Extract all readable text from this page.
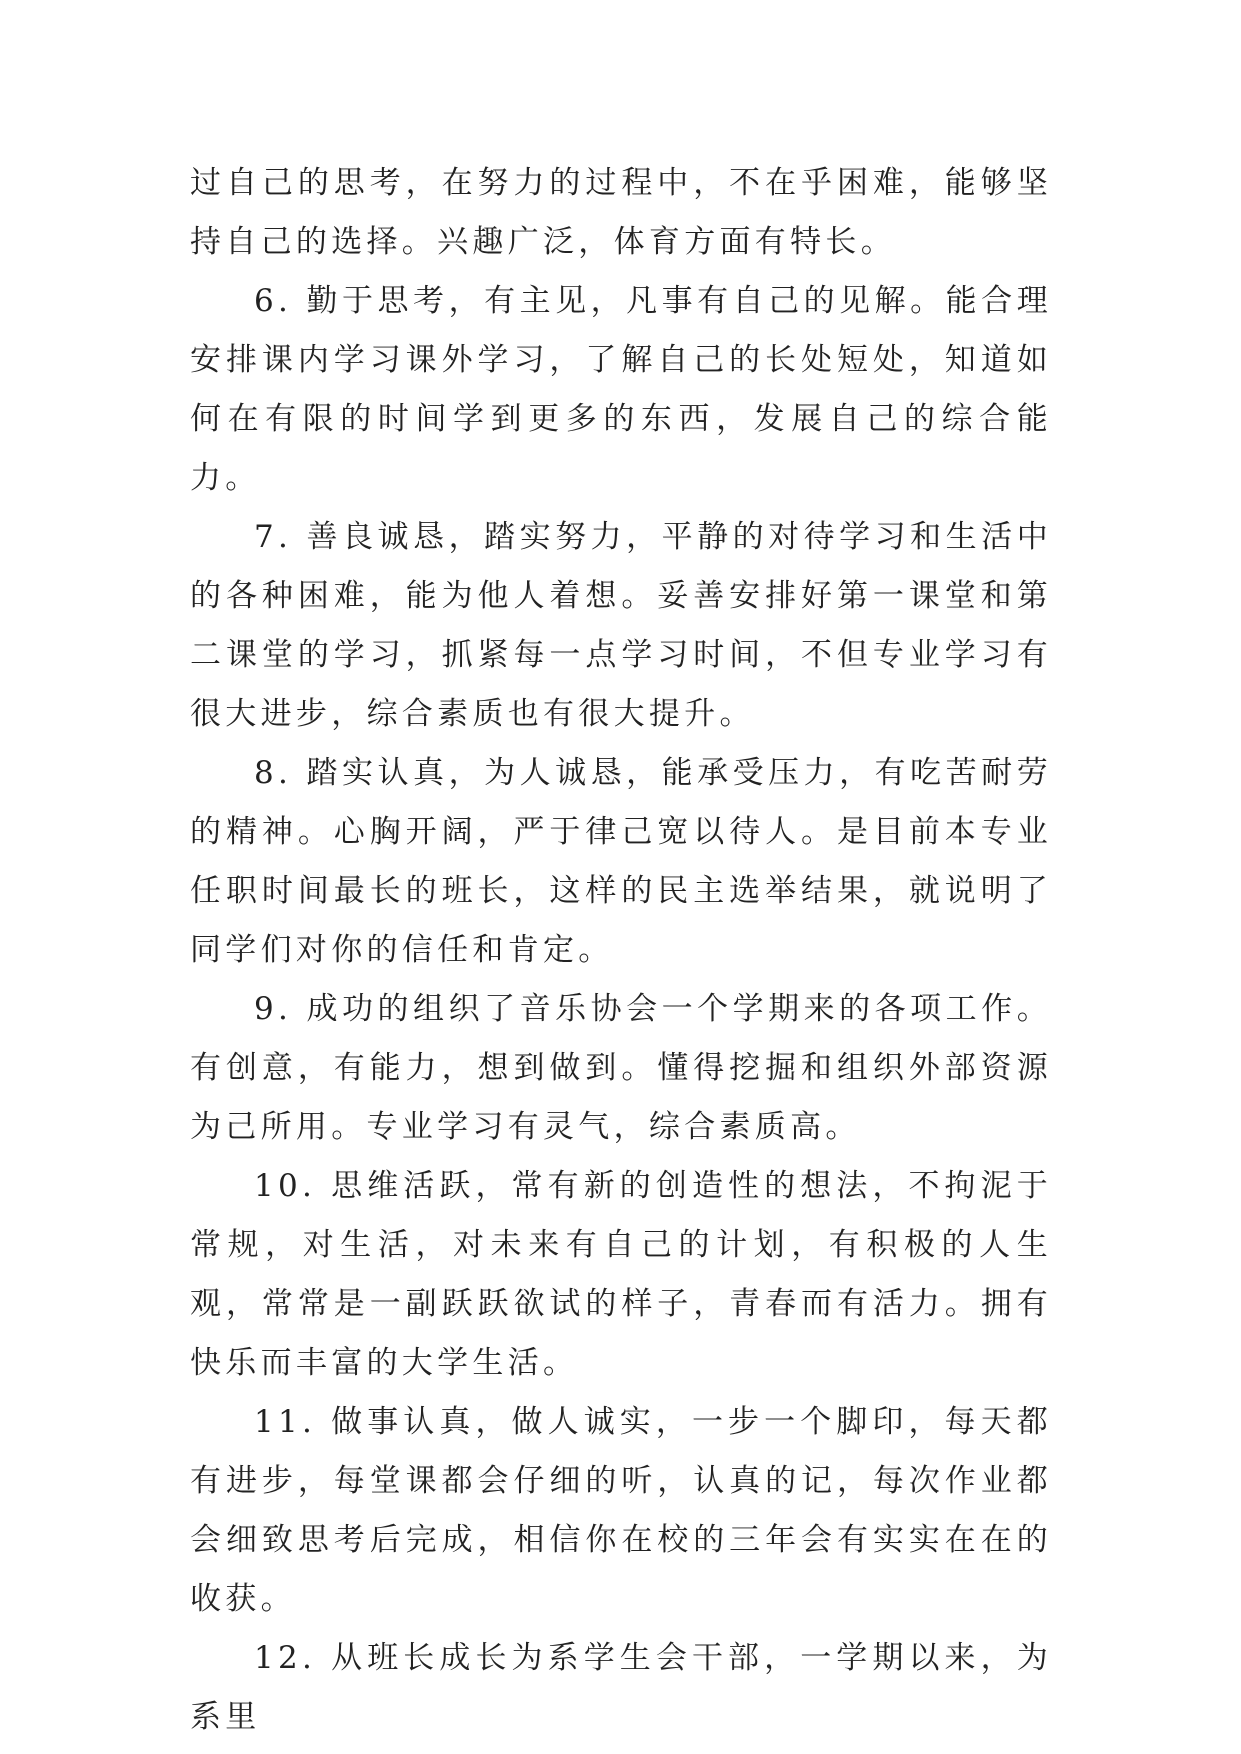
过自己的思考，在努力的过程中，不在乎困难，能够坚持自己的选择。兴趣广泛，体育方面有特长。

6. 勤于思考，有主见，凡事有自己的见解。能合理安排课内学习课外学习，了解自己的长处短处，知道如何在有限的时间学到更多的东西，发展自己的综合能力。

7. 善良诚恳，踏实努力，平静的对待学习和生活中的各种困难，能为他人着想。妥善安排好第一课堂和第二课堂的学习，抓紧每一点学习时间，不但专业学习有很大进步，综合素质也有很大提升。

8. 踏实认真，为人诚恳，能承受压力，有吃苦耐劳的精神。心胸开阔，严于律己宽以待人。是目前本专业任职时间最长的班长，这样的民主选举结果，就说明了同学们对你的信任和肯定。

9. 成功的组织了音乐协会一个学期来的各项工作。有创意，有能力，想到做到。懂得挖掘和组织外部资源为己所用。专业学习有灵气，综合素质高。

10. 思维活跃，常有新的创造性的想法，不拘泥于常规，对生活，对未来有自己的计划，有积极的人生观，常常是一副跃跃欲试的样子，青春而有活力。拥有快乐而丰富的大学生活。

11. 做事认真，做人诚实，一步一个脚印，每天都有进步，每堂课都会仔细的听，认真的记，每次作业都会细致思考后完成，相信你在校的三年会有实实在在的收获。

12. 从班长成长为系学生会干部，一学期以来，为系里
